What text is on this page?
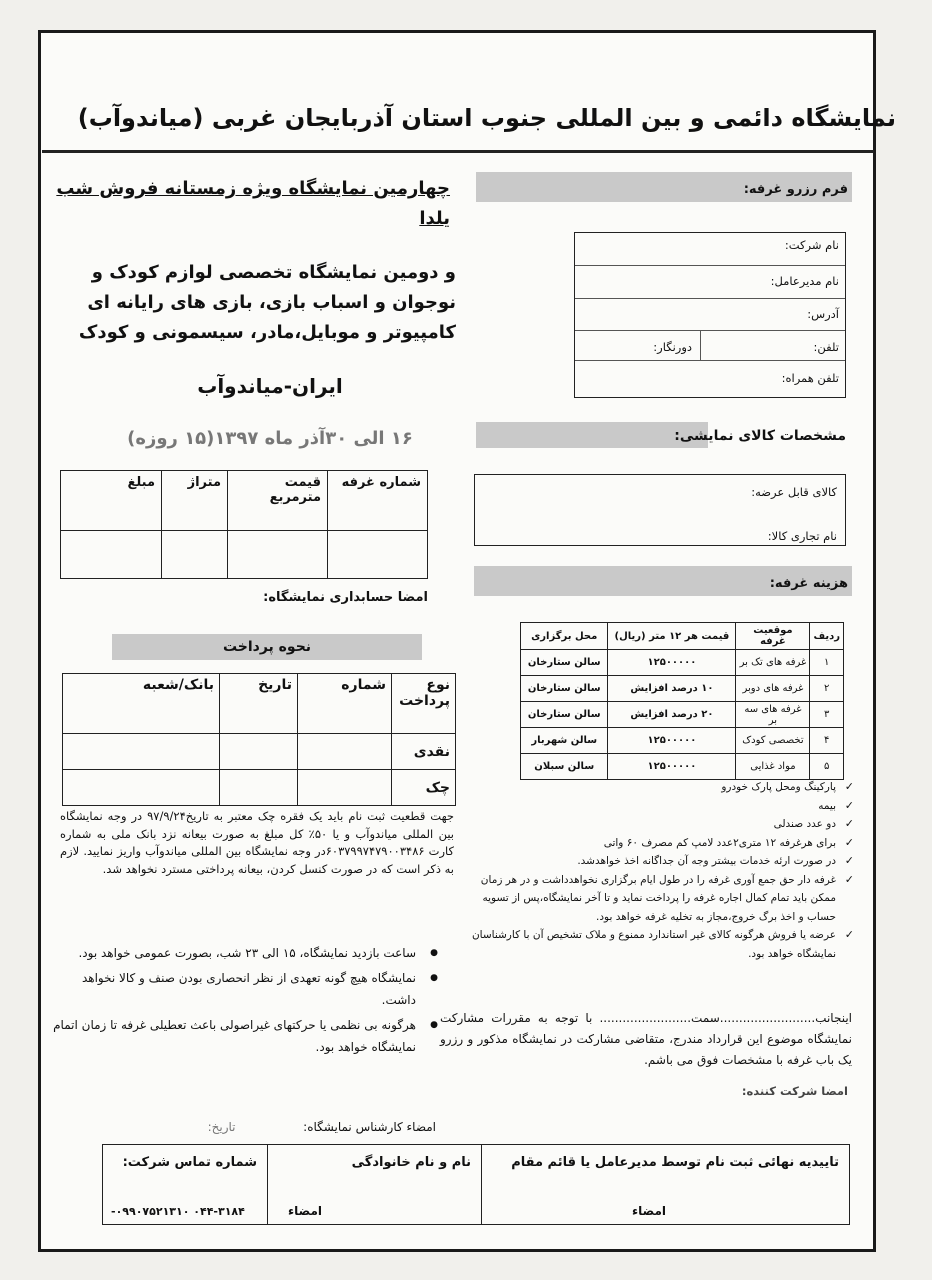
نمایشگاه دائمی و بین المللی جنوب استان آذربایجان غربی (میاندوآب)
چهارمین نمایشگاه ویژه زمستانه فروش شب
یلدا
و دومین نمایشگاه تخصصی لوازم کودک و
نوجوان و اسباب بازی، بازی های رایانه ای
کامپیوتر و موبایل،مادر، سیسمونی و کودک
ایران-میاندوآب
۱۶ الی ۳۰آذر ماه ۱۳۹۷(۱۵ روزه)
شماره غرفه	قیمت مترمربع	متراژ	مبلغ

امضا حسابداری نمایشگاه:
نحوه پرداخت
نوع پرداخت	شماره	تاریخ	بانک/شعبه
نقدی			
چک			
جهت قطعیت ثبت نام باید یک فقره چک معتبر به تاریخ۹۷/۹/۲۴ در وجه نمایشگاه بین المللی میاندوآب و یا ۵۰٪ کل مبلغ به صورت بیعانه نزد بانک ملی به شماره کارت ۶۰۳۷۹۹۷۴۷۹۰۰۳۴۸۶در وجه نمایشگاه بین المللی میاندوآب واریز نمایید. لازم به ذکر است که در صورت کنسل کردن، بیعانه پرداختی مسترد نخواهد شد.
● ساعت بازدید نمایشگاه، ۱۵ الی ۲۳ شب، بصورت عمومی خواهد بود.
● نمایشگاه هیچ گونه تعهدی از نظر انحصاری بودن صنف و کالا نخواهد داشت.
● هرگونه بی نظمی یا حرکتهای غیراصولی باعث تعطیلی غرفه تا زمان اتمام نمایشگاه خواهد بود.
فرم رزرو غرفه:
نام شرکت:
نام مدیرعامل:
آدرس:
تلفن:
دورنگار:
تلفن همراه:
مشخصات کالای نمایشی:
کالای قابل عرضه:
نام تجاری کالا:
هزینه غرفه:
ردیف	موقعیت غرفه	قیمت هر ۱۲ متر (ریال)	محل برگزاری
۱	غرفه های تک بر	۱۲۵۰۰۰۰۰	سالن ستارخان
۲	غرفه های دوبر	۱۰ درصد افزایش	سالن ستارخان
۳	غرفه های سه بر	۲۰ درصد افزایش	سالن ستارخان
۴	تخصصی کودک	۱۲۵۰۰۰۰۰	سالن شهربار
۵	مواد غذایی	۱۲۵۰۰۰۰۰	سالن سبلان
✓ پارکینگ ومحل پارک خودرو
✓ بیمه
✓ دو عدد صندلی
✓ برای هرغرفه ۱۲ متری۲عدد لامپ کم مصرف ۶۰ واتی
✓ در صورت ارئه خدمات بیشتر وجه آن جداگانه اخذ خواهدشد.
✓ غرفه دار حق جمع آوری غرفه را در طول ایام برگزاری نخواهدداشت و در هر زمان ممکن باید تمام کمال اجاره غرفه را پرداخت نماید و تا آخر نمایشگاه،پس از تسویه حساب و اخذ برگ خروج،مجاز به تخلیه غرفه خواهد بود.
✓ عرضه یا فروش هرگونه کالای غیر استاندارد ممنوع و ملاک تشخیص آن با کارشناسان نمایشگاه خواهد بود.
اینجانب.........................سمت........................ با توجه به مقررات مشارکت نمایشگاه موضوع این قرارداد مندرج، متقاضی مشارکت در نمایشگاه مذکور و رزرو یک باب غرفه با مشخصات فوق می باشم.
امضا شرکت کننده:
امضاء کارشناس نمایشگاه:  تاریخ:
تاییدیه نهائی ثبت نام توسط مدیرعامل یا قائم مقام
امضاء

نام و نام خانوادگی
امضاء

شماره تماس شرکت:
۰۴۴-۳۱۸۴ ۰۹۹۰۷۵۲۱۳۱۰-
